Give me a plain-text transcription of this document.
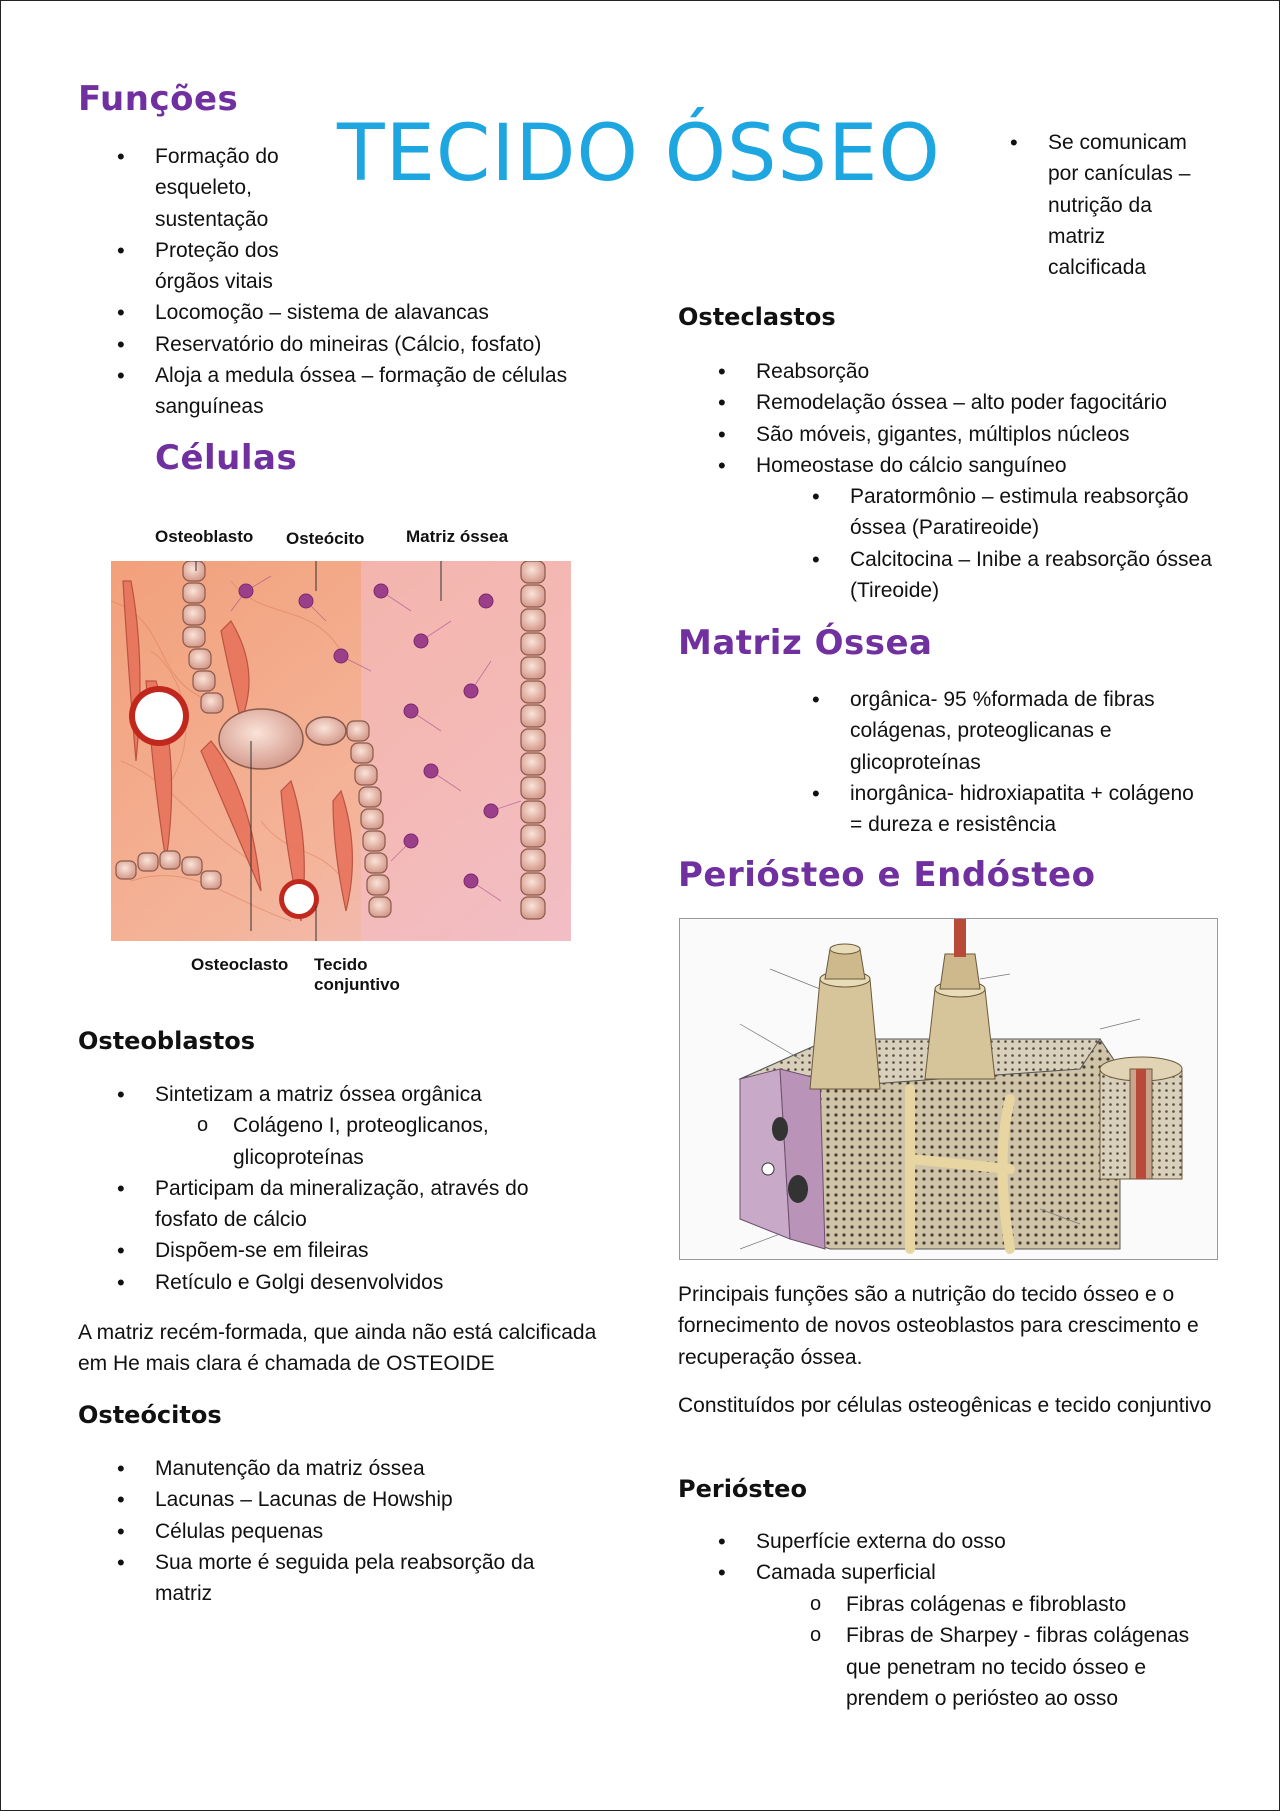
TECIDO ÓSSEO
Funções
• Formação do esqueleto, sustentação
• Proteção dos órgãos vitais
• Locomoção – sistema de alavancas
• Reservatório do mineiras (Cálcio, fosfato)
• Aloja a medula óssea – formação de células sanguíneas
Células
Osteoblasto Osteócito Matriz óssea
Osteoclasto Tecido
conjuntivo
Osteoblastos
• Sintetizam a matriz óssea orgânica
o Colágeno I, proteoglicanos, glicoproteínas
• Participam da mineralização, através do fosfato de cálcio
• Dispõem-se em fileiras
• Retículo e Golgi desenvolvidos

A matriz recém-formada, que ainda não está calcificada em He mais clara é chamada de OSTEOIDE

Osteócitos
• Manutenção da matriz óssea
• Lacunas – Lacunas de Howship
• Células pequenas
• Sua morte é seguida pela reabsorção da matriz
• Se comunicam por canículas – nutrição da matriz calcificada
Osteclastos
• Reabsorção
• Remodelação óssea – alto poder fagocitário
• São móveis, gigantes, múltiplos núcleos
• Homeostase do cálcio sanguíneo
• Paratormônio – estimula reabsorção óssea (Paratireoide)
• Calcitocina – Inibe a reabsorção óssea (Tireoide)
Matriz Óssea
• orgânica- 95 %formada de fibras colágenas, proteoglicanas e glicoproteínas
• inorgânica- hidroxiapatita + colágeno = dureza e resistência
Periósteo e Endósteo

Principais funções são a nutrição do tecido ósseo e o fornecimento de novos osteoblastos para crescimento e recuperação óssea.

Constituídos por células osteogênicas e tecido conjuntivo

Periósteo
• Superfície externa do osso
• Camada superficial
o Fibras colágenas e fibroblasto
o Fibras de Sharpey - fibras colágenas que penetram no tecido ósseo e prendem o periósteo ao osso
